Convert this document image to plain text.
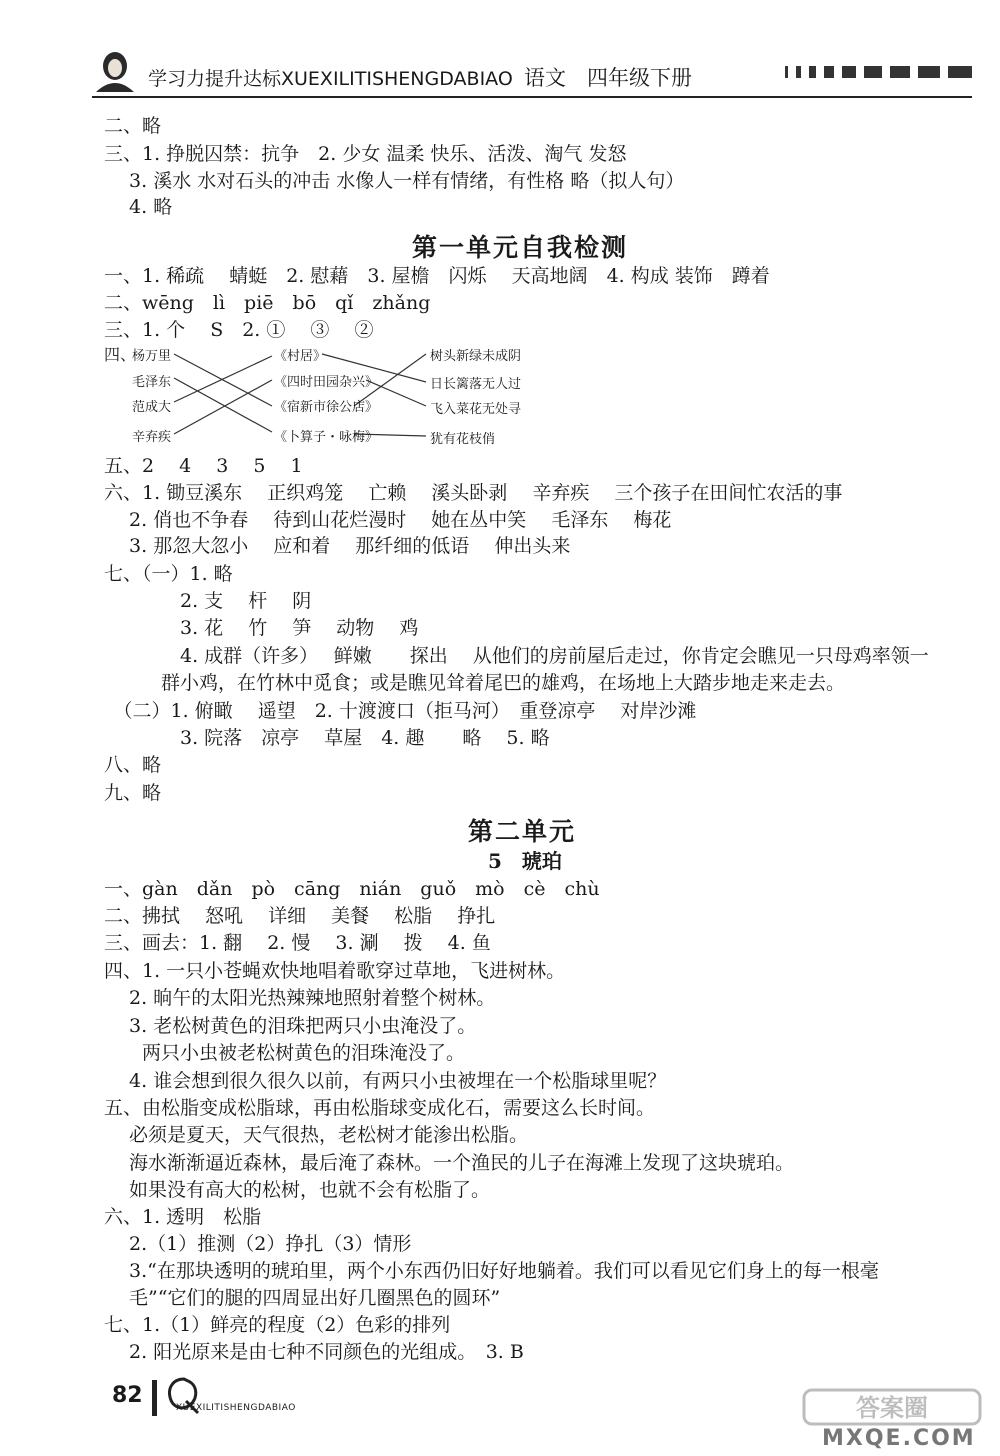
学习力提升达标XUEXILITISHENGDABIAO 语文　四年级下册
二、略
三、1. 挣脱囚禁：抗争　2. 少女 温柔 快乐、活泼、淘气 发怒
　 3. 溪水 水对石头的冲击 水像人一样有情绪，有性格 略（拟人句）
　 4. 略
第一单元自我检测
一、1. 稀疏　 蜻蜓　2. 慰藉　3. 屋檐　闪烁　 天高地阔　4. 构成 装饰　蹲着
二、wēng　lì　piē　bō　qǐ　zhǎng
三、1. 个　 S　2. ①　 ③　 ②
四、
杨万里
毛泽东
范成大
辛弃疾
《村居》
《四时田园杂兴》
《宿新市徐公店》
《卜算子・咏梅》
树头新绿未成阴
日长篱落无人过
飞入菜花无处寻
犹有花枝俏
五、2　 4　 3　 5　 1
六、1. 锄豆溪东　 正织鸡笼　 亡赖　 溪头卧剥　 辛弃疾　 三个孩子在田间忙农活的事
　 2. 俏也不争春　 待到山花烂漫时　 她在丛中笑　 毛泽东　 梅花
　 3. 那忽大忽小　 应和着　 那纤细的低语　 伸出头来
七、（一）1. 略
　　　　2. 支　 杆　 阴
　　　　3. 花　 竹　 笋　 动物　 鸡
　　　　4. 成群（许多）　 鲜嫩　　探出　 从他们的房前屋后走过，你肯定会瞧见一只母鸡率领一
　　　群小鸡，在竹林中觅食；或是瞧见耸着尾巴的雄鸡，在场地上大踏步地走来走去。
　（二）1. 俯瞰　 遥望　2. 十渡渡口（拒马河）　重登凉亭　 对岸沙滩
　　　　3. 院落　凉亭　 草屋　4. 趣　　略　 5. 略
八、略
九、略
第二单元
5　琥珀
一、gàn　dǎn　pò　cāng　nián　guǒ　mò　cè　chù
二、拂拭　 怒吼　 详细　 美餐　 松脂　 挣扎
三、画去：1. 翻　 2. 慢　 3. 涮　 拨　 4. 鱼
四、1. 一只小苍蝇欢快地唱着歌穿过草地，飞进树林。
　 2. 晌午的太阳光热辣辣地照射着整个树林。
　 3. 老松树黄色的泪珠把两只小虫淹没了。
　　两只小虫被老松树黄色的泪珠淹没了。
　 4. 谁会想到很久很久以前，有两只小虫被埋在一个松脂球里呢？
五、由松脂变成松脂球，再由松脂球变成化石，需要这么长时间。
　 必须是夏天，天气很热，老松树才能渗出松脂。
　 海水渐渐逼近森林，最后淹了森林。一个渔民的儿子在海滩上发现了这块琥珀。
　 如果没有高大的松树，也就不会有松脂了。
六、1. 透明　松脂
　 2.（1）推测（2）挣扎（3）情形
　 3.“在那块透明的琥珀里，两个小东西仍旧好好地躺着。我们可以看见它们身上的每一根毫
　 毛”“它们的腿的四周显出好几圈黑色的圆环”
七、1.（1）鲜亮的程度（2）色彩的排列
　 2. 阳光原来是由七种不同颜色的光组成。　3. B
82	XUEXILITISHENGDABIAO	答案圈
MXQE.COM
